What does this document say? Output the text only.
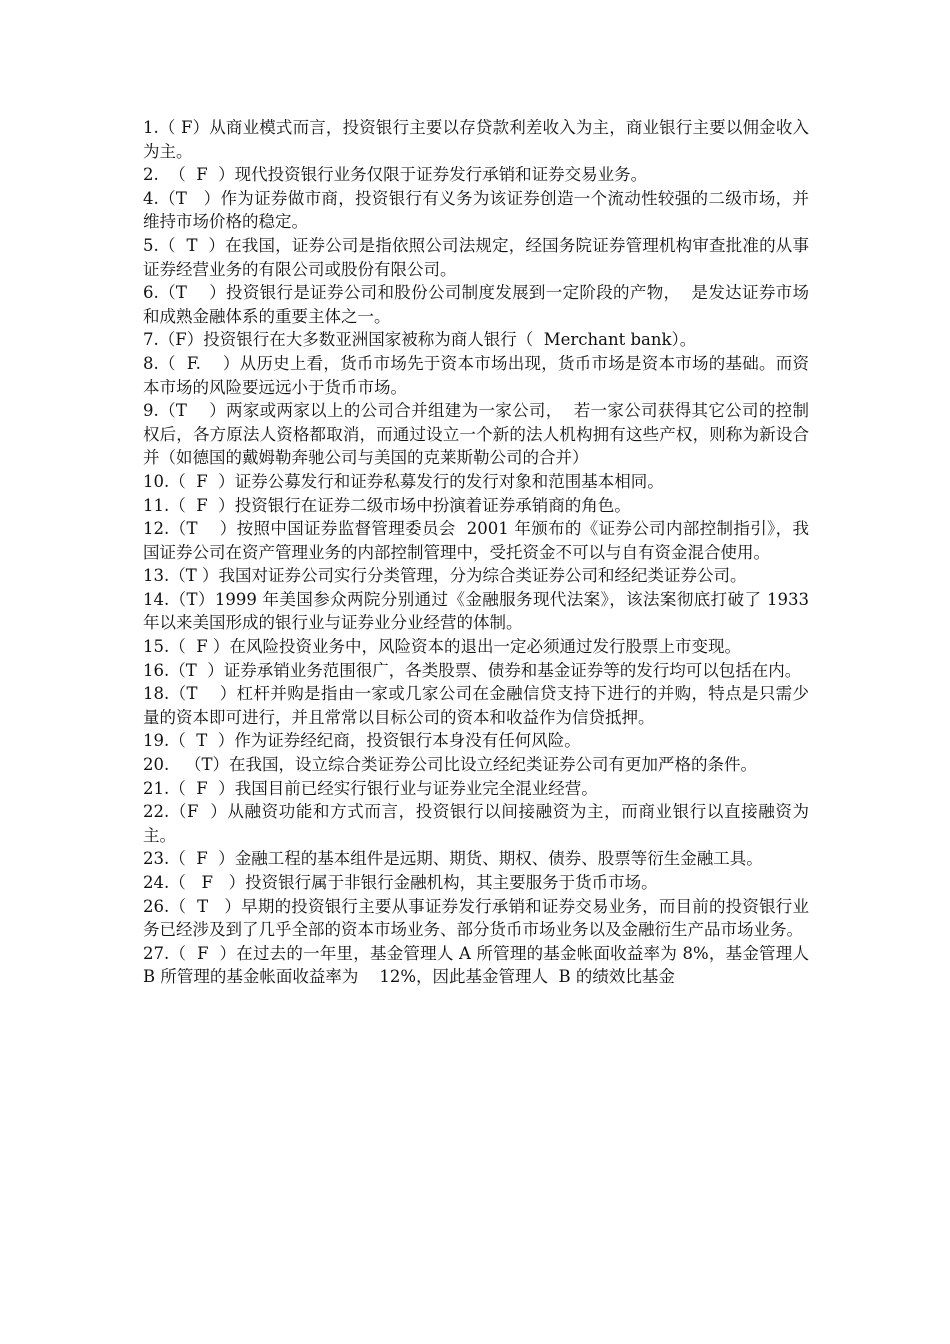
1.（ F）从商业模式而言，投资银行主要以存贷款利差收入为主，商业银行主要以佣金收入为主。

2.  （  F  ）现代投资银行业务仅限于证券发行承销和证券交易业务。

4.（T   ）作为证券做市商，投资银行有义务为该证券创造一个流动性较强的二级市场，并维持市场价格的稳定。

5.（  T  ）在我国，证券公司是指依照公司法规定，经国务院证券管理机构审查批准的从事证券经营业务的有限公司或股份有限公司。

6.（T    ）投资银行是证券公司和股份公司制度发展到一定阶段的产物，  是发达证券市场和成熟金融体系的重要主体之一。

7.（F）投资银行在大多数亚洲国家被称为商人银行（  Merchant bank）。

8.（  F.    ）从历史上看，货币市场先于资本市场出现，货币市场是资本市场的基础。而资本市场的风险要远远小于货币市场。

9.（T    ）两家或两家以上的公司合并组建为一家公司，  若一家公司获得其它公司的控制权后，各方原法人资格都取消，而通过设立一个新的法人机构拥有这些产权，则称为新设合并（如德国的戴姆勒奔驰公司与美国的克莱斯勒公司的合并）

10.（  F  ）证券公募发行和证券私募发行的发行对象和范围基本相同。

11.（  F  ）投资银行在证券二级市场中扮演着证券承销商的角色。

12.（T    ）按照中国证券监督管理委员会  2001 年颁布的《证券公司内部控制指引》，我国证券公司在资产管理业务的内部控制管理中，受托资金不可以与自有资金混合使用。

13.（T ）我国对证券公司实行分类管理，分为综合类证券公司和经纪类证券公司。

14.（T）1999 年美国参众两院分别通过《金融服务现代法案》，该法案彻底打破了 1933 年以来美国形成的银行业与证券业分业经营的体制。

15.（  F ）在风险投资业务中，风险资本的退出一定必须通过发行股票上市变现。

16.（T  ）证券承销业务范围很广，各类股票、债券和基金证券等的发行均可以包括在内。

18.（T    ）杠杆并购是指由一家或几家公司在金融信贷支持下进行的并购，特点是只需少量的资本即可进行，并且常常以目标公司的资本和收益作为信贷抵押。

19.（  T  ）作为证券经纪商，投资银行本身没有任何风险。

20.   （T）在我国，设立综合类证券公司比设立经纪类证券公司有更加严格的条件。

21.（  F  ）我国目前已经实行银行业与证券业完全混业经营。

22.（F  ）从融资功能和方式而言，投资银行以间接融资为主，而商业银行以直接融资为主。

23.（  F  ）金融工程的基本组件是远期、期货、期权、债券、股票等衍生金融工具。

24.（   F   ）投资银行属于非银行金融机构，其主要服务于货币市场。

26.（  T   ）早期的投资银行主要从事证券发行承销和证券交易业务，而目前的投资银行业务已经涉及到了几乎全部的资本市场业务、部分货币市场业务以及金融衍生产品市场业务。

27.（  F  ）在过去的一年里，基金管理人 A 所管理的基金帐面收益率为 8%，基金管理人  B 所管理的基金帐面收益率为    12%，因此基金管理人  B 的绩效比基金
